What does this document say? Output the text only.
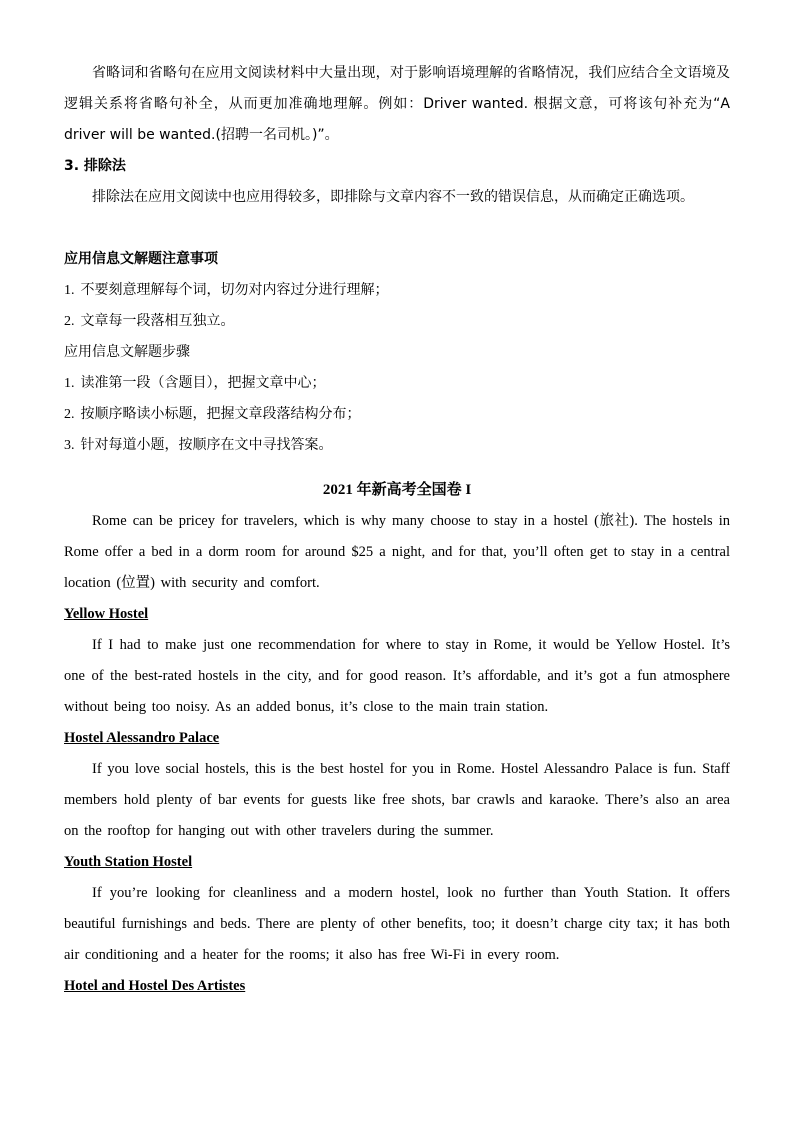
省略词和省略句在应用文阅读材料中大量出现，对于影响语境理解的省略情况，我们应结合全文语境及逻辑关系将省略句补全，从而更加准确地理解。例如：Driver wanted. 根据文意，可将该句补充为“A driver will be wanted.(招聘一名司机。)”。

3. 排除法

排除法在应用文阅读中也应用得较多，即排除与文章内容不一致的错误信息，从而确定正确选项。

应用信息文解题注意事项

1. 不要刻意理解每个词，切勿对内容过分进行理解；
2. 文章每一段落相互独立。

应用信息文解题步骤

1. 读准第一段（含题目），把握文章中心；
2. 按顺序略读小标题，把握文章段落结构分布；
3. 针对每道小题，按顺序在文中寻找答案。

2021 年新高考全国卷 I

Rome can be pricey for travelers, which is why many choose to stay in a hostel (旅社). The hostels in Rome offer a bed in a dorm room for around $25 a night, and for that, you’ll often get to stay in a central location (位置) with security and comfort.

Yellow Hostel

If I had to make just one recommendation for where to stay in Rome, it would be Yellow Hostel. It’s one of the best-rated hostels in the city, and for good reason. It’s affordable, and it’s got a fun atmosphere without being too noisy. As an added bonus, it’s close to the main train station.

Hostel Alessandro Palace

If you love social hostels, this is the best hostel for you in Rome. Hostel Alessandro Palace is fun. Staff members hold plenty of bar events for guests like free shots, bar crawls and karaoke. There’s also an area on the rooftop for hanging out with other travelers during the summer.

Youth Station Hostel

If you’re looking for cleanliness and a modern hostel, look no further than Youth Station. It offers beautiful furnishings and beds. There are plenty of other benefits, too; it doesn’t charge city tax; it has both air conditioning and a heater for the rooms; it also has free Wi-Fi in every room.

Hotel and Hostel Des Artistes
